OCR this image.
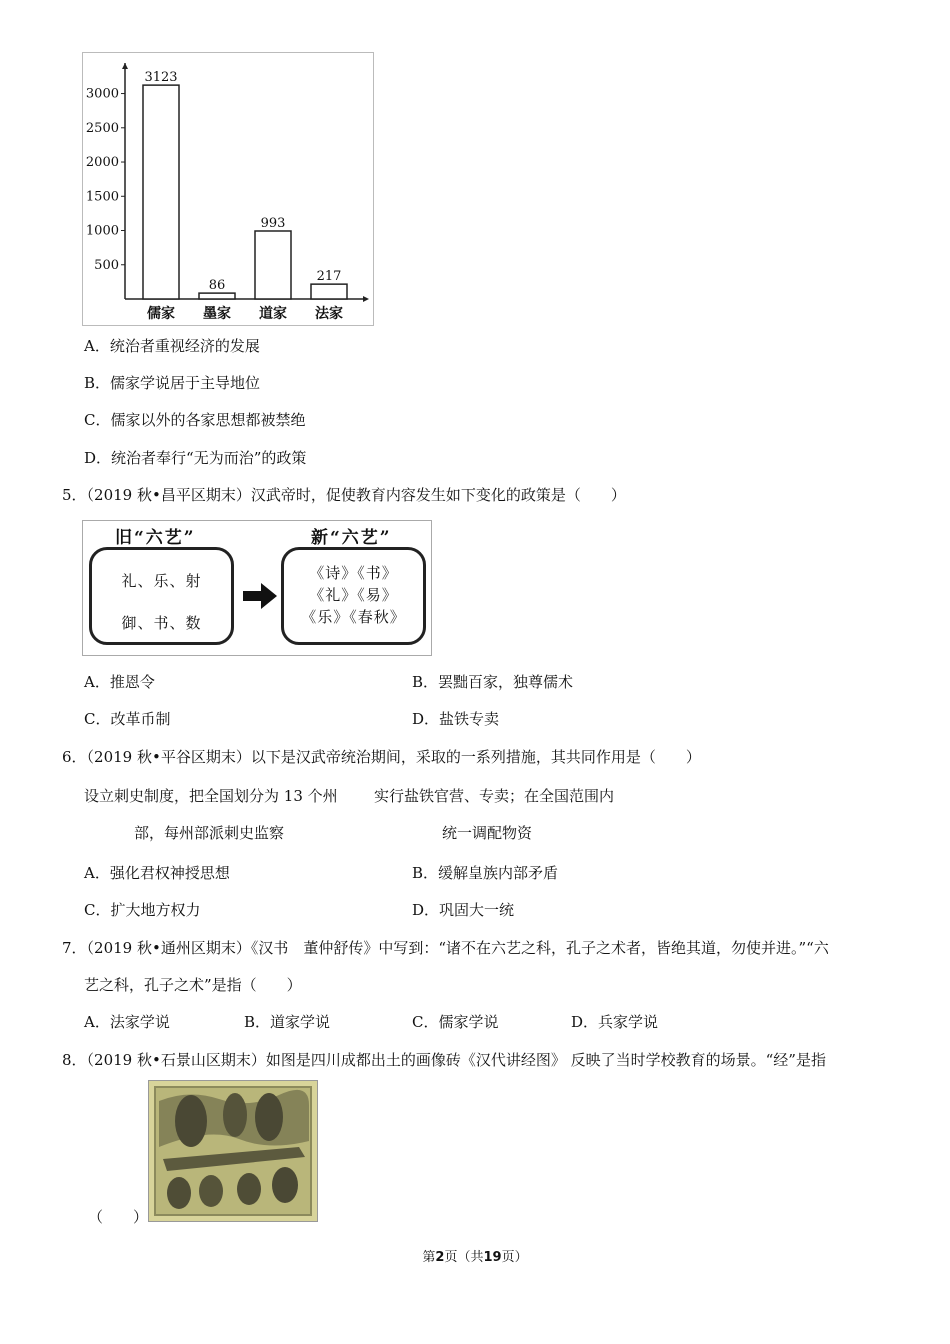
500
1000
1500
2000
2500
3000
3123
儒家
86
墨家
993
道家
217
法家
A．统治者重视经济的发展
B．儒家学说居于主导地位
C．儒家以外的各家思想都被禁绝
D．统治者奉行“无为而治”的政策
5．（2019 秋•昌平区期末）汉武帝时，促使教育内容发生如下变化的政策是（　　）
旧“六艺”	新“六艺”
礼、乐、射
御、书、数
《诗》《书》
《礼》《易》
《乐》《春秋》
A．推恩令	B．罢黜百家，独尊儒术
C．改革币制	D．盐铁专卖
6．（2019 秋•平谷区期末）以下是汉武帝统治期间，采取的一系列措施，其共同作用是（　　）
设立刺史制度，把全国划分为 13 个州
部，每州部派刺史监察
实行盐铁官营、专卖；在全国范围内
统一调配物资
A．强化君权神授思想	B．缓解皇族内部矛盾
C．扩大地方权力	D．巩固大一统
7．（2019 秋•通州区期末）《汉书　董仲舒传》中写到：“诸不在六艺之科，孔子之术者，皆绝其道，勿使并进。”“六
艺之科，孔子之术”是指（　　）
A．法家学说	B．道家学说	C．儒家学说	D．兵家学说
8．（2019 秋•石景山区期末）如图是四川成都出土的画像砖《汉代讲经图》 反映了当时学校教育的场景。“经”是指
（　　）
第2页（共19页）
